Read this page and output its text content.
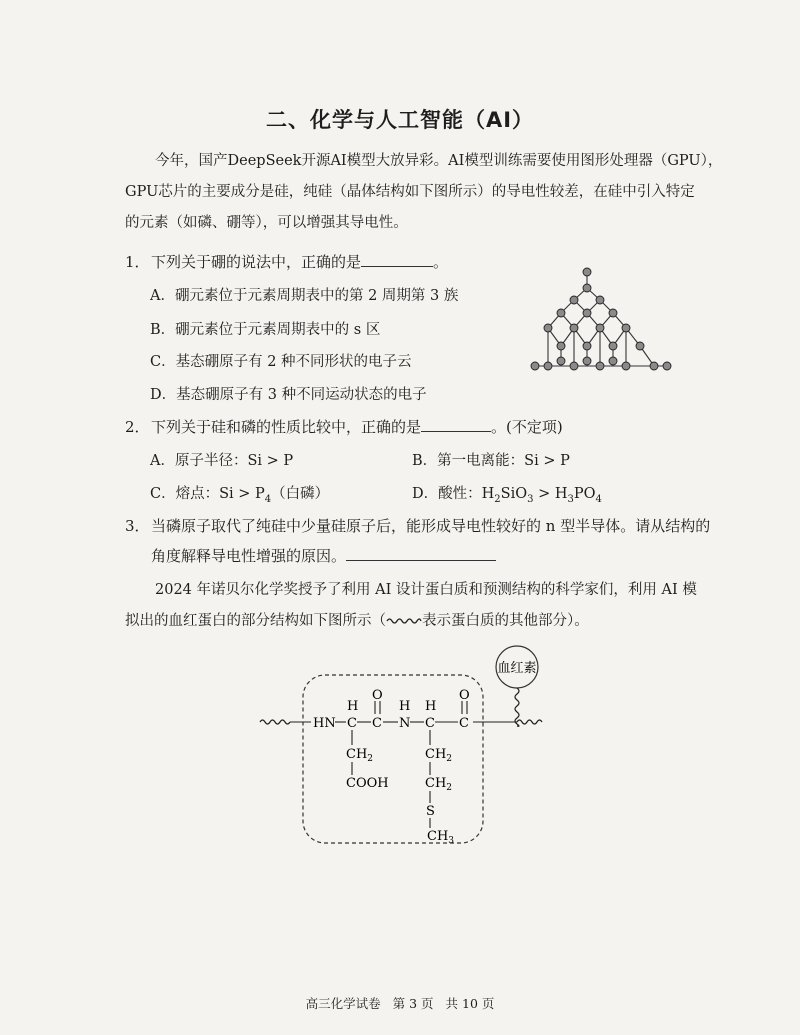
二、化学与人工智能（AI）
今年，国产DeepSeek开源AI模型大放异彩。AI模型训练需要使用图形处理器（GPU），
GPU芯片的主要成分是硅，纯硅（晶体结构如下图所示）的导电性较差，在硅中引入特定
的元素（如磷、硼等），可以增强其导电性。
1．下列关于硼的说法中，正确的是	。
A．硼元素位于元素周期表中的第 2 周期第 3 族
B．硼元素位于元素周期表中的 s 区
C．基态硼原子有 2 种不同形状的电子云
D．基态硼原子有 3 种不同运动状态的电子
2．下列关于硅和磷的性质比较中，正确的是	。(不定项)
A．原子半径：Si > P	B．第一电离能：Si > P
C．熔点：$Si > P_4$（白磷）	D．酸性：$H_2SiO_3 > H_3PO_4$
3．当磷原子取代了纯硅中少量硅原子后，能形成导电性较好的 n 型半导体。请从结构的
角度解释导电性增强的原因。
2024 年诺贝尔化学奖授予了利用 AI 设计蛋白质和预测结构的科学家们，利用 AI 模
拟出的血红蛋白的部分结构如下图所示（ 表示蛋白质的其他部分）。
血红素
HN C
H
C
O
N
H
C
H
C
O
$CH_2$
COOH
$CH_2$
$CH_2$
S
$CH_3$
高三化学试卷 第 3 页 共 10 页
